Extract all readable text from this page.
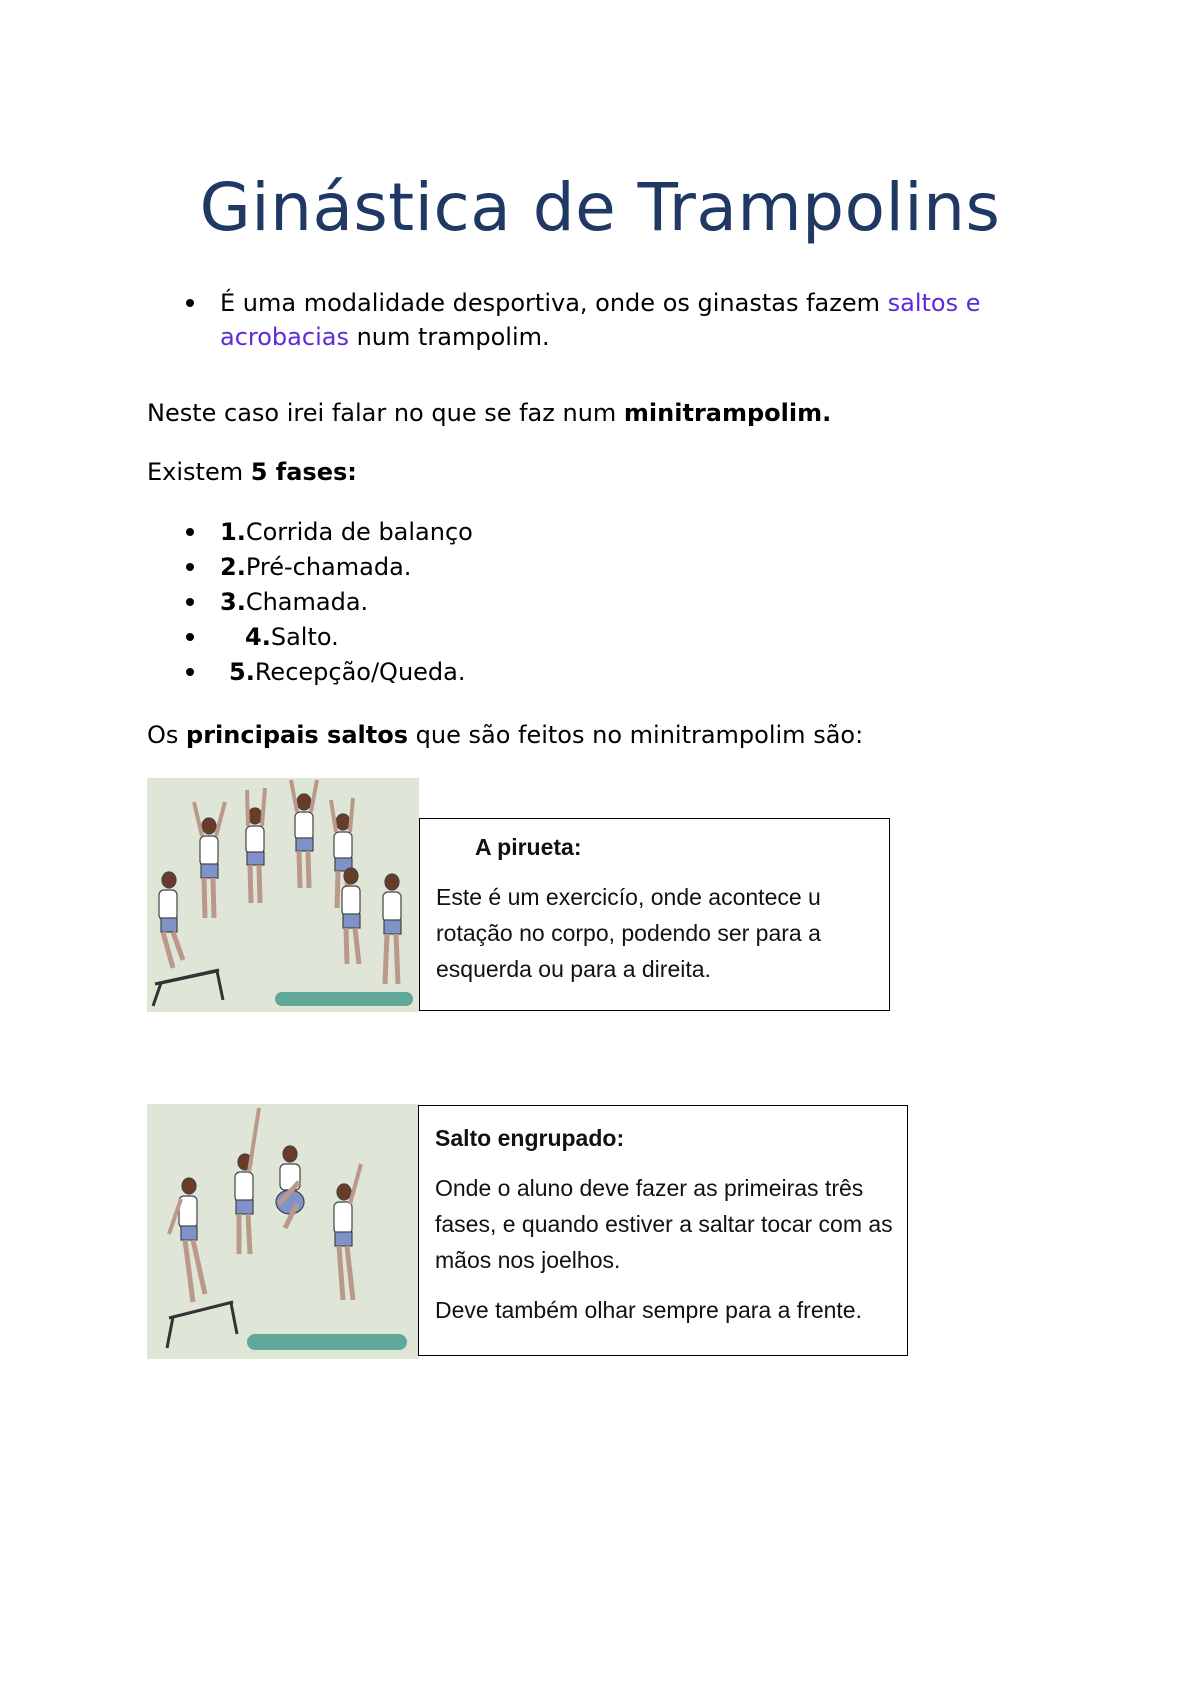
Ginástica de Trampolins
É uma modalidade desportiva, onde os ginastas fazem saltos e acrobacias num trampolim.

Neste caso irei falar no que se faz num minitrampolim.

Existem 5 fases:

1.Corrida de balanço
2.Pré-chamada.
3.Chamada.
4.Salto.
5.Recepção/Queda.

Os principais saltos que são feitos no minitrampolim são:

A pirueta:

Este é um exercicío, onde acontece u rotação no corpo, podendo ser para a esquerda ou para a direita.

Salto engrupado:

Onde o aluno deve fazer as primeiras três fases, e quando estiver a saltar tocar com as mãos nos joelhos.

Deve também olhar sempre para a frente.
